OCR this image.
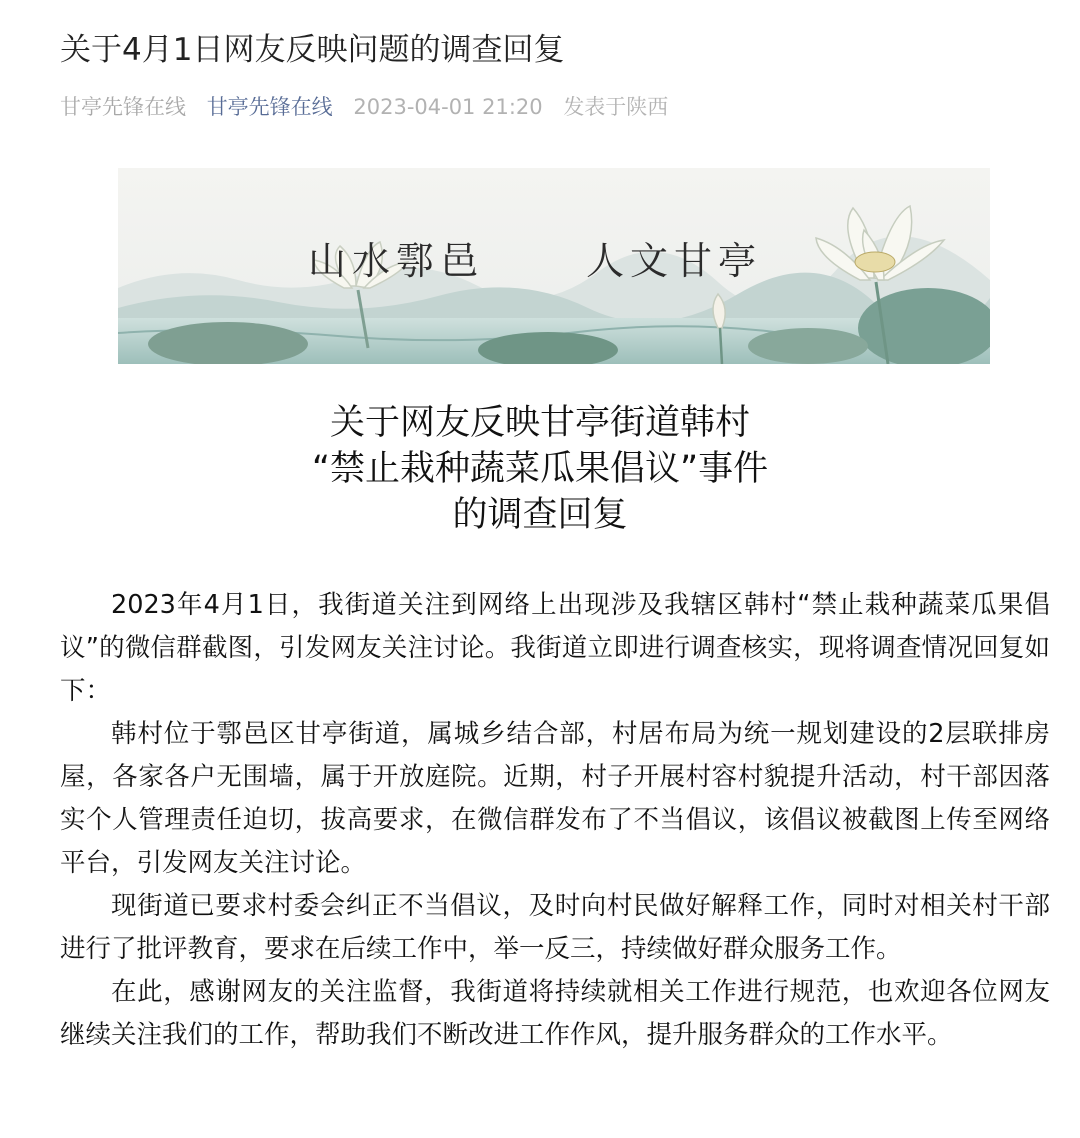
关于4月1日网友反映问题的调查回复
甘亭先锋在线 甘亭先锋在线 2023-04-01 21:20 发表于陕西
山水鄠邑	人文甘亭
关于网友反映甘亭街道韩村
“禁止栽种蔬菜瓜果倡议”事件
的调查回复

2023年4月1日，我街道关注到网络上出现涉及我辖区韩村“禁止栽种蔬菜瓜果倡议”的微信群截图，引发网友关注讨论。我街道立即进行调查核实，现将调查情况回复如下：

韩村位于鄠邑区甘亭街道，属城乡结合部，村居布局为统一规划建设的2层联排房屋，各家各户无围墙，属于开放庭院。近期，村子开展村容村貌提升活动，村干部因落实个人管理责任迫切，拔高要求，在微信群发布了不当倡议，该倡议被截图上传至网络平台，引发网友关注讨论。

现街道已要求村委会纠正不当倡议，及时向村民做好解释工作，同时对相关村干部进行了批评教育，要求在后续工作中，举一反三，持续做好群众服务工作。

在此，感谢网友的关注监督，我街道将持续就相关工作进行规范，也欢迎各位网友继续关注我们的工作，帮助我们不断改进工作作风，提升服务群众的工作水平。
